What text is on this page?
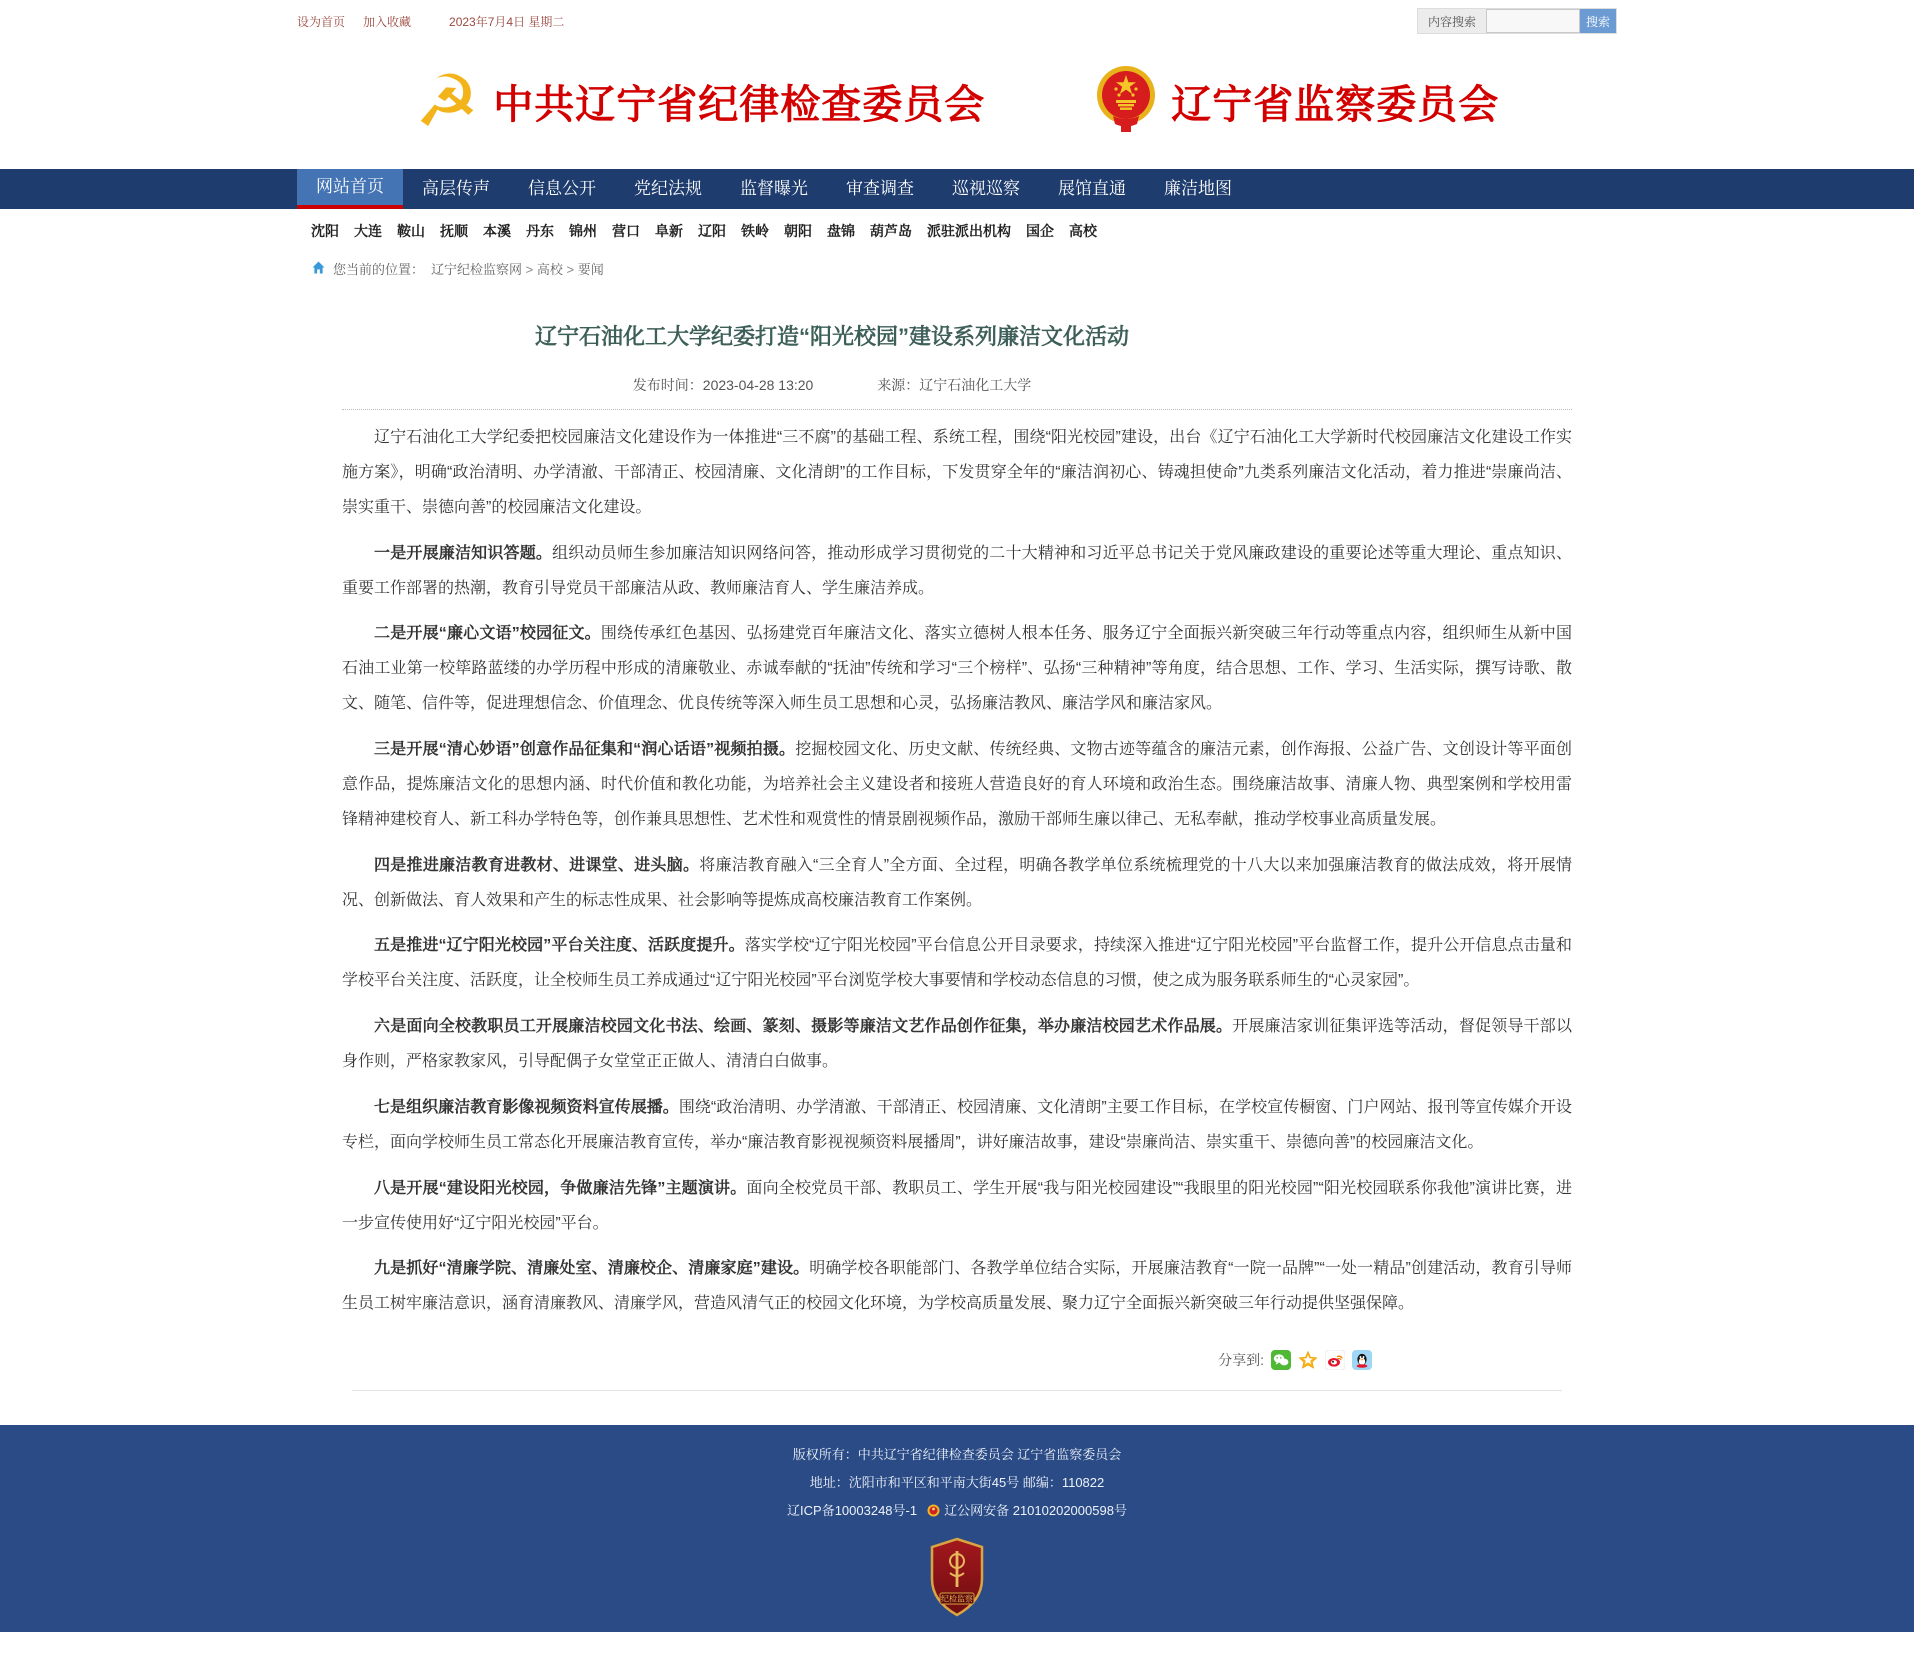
设为首页 加入收藏	2023年7月4日 星期二	内容搜索	搜索
☭ 中共辽宁省纪律检查委员会	辽宁省监察委员会
网站首页	高层传声	信息公开	党纪法规	监督曝光	审查调查	巡视巡察	展馆直通	廉洁地图
沈阳 大连 鞍山 抚顺 本溪 丹东 锦州 营口 阜新 辽阳 铁岭 朝阳 盘锦 葫芦岛 派驻派出机构 国企 高校
您当前的位置： 辽宁纪检监察网 > 高校 > 要闻
辽宁石油化工大学纪委打造“阳光校园”建设系列廉洁文化活动
发布时间：2023-04-28 13:20	来源：辽宁石油化工大学

辽宁石油化工大学纪委把校园廉洁文化建设作为一体推进“三不腐”的基础工程、系统工程，围绕“阳光校园”建设，出台《辽宁石油化工大学新时代校园廉洁文化建设工作实施方案》，明确“政治清明、办学清澈、干部清正、校园清廉、文化清朗”的工作目标，下发贯穿全年的“廉洁润初心、铸魂担使命”九类系列廉洁文化活动，着力推进“崇廉尚洁、崇实重干、崇德向善”的校园廉洁文化建设。

一是开展廉洁知识答题。组织动员师生参加廉洁知识网络问答，推动形成学习贯彻党的二十大精神和习近平总书记关于党风廉政建设的重要论述等重大理论、重点知识、重要工作部署的热潮，教育引导党员干部廉洁从政、教师廉洁育人、学生廉洁养成。

二是开展“廉心文语”校园征文。围绕传承红色基因、弘扬建党百年廉洁文化、落实立德树人根本任务、服务辽宁全面振兴新突破三年行动等重点内容，组织师生从新中国石油工业第一校筚路蓝缕的办学历程中形成的清廉敬业、赤诚奉献的“抚油”传统和学习“三个榜样”、弘扬“三种精神”等角度，结合思想、工作、学习、生活实际，撰写诗歌、散文、随笔、信件等，促进理想信念、价值理念、优良传统等深入师生员工思想和心灵，弘扬廉洁教风、廉洁学风和廉洁家风。

三是开展“清心妙语”创意作品征集和“润心话语”视频拍摄。挖掘校园文化、历史文献、传统经典、文物古迹等蕴含的廉洁元素，创作海报、公益广告、文创设计等平面创意作品，提炼廉洁文化的思想内涵、时代价值和教化功能，为培养社会主义建设者和接班人营造良好的育人环境和政治生态。围绕廉洁故事、清廉人物、典型案例和学校用雷锋精神建校育人、新工科办学特色等，创作兼具思想性、艺术性和观赏性的情景剧视频作品，激励干部师生廉以律己、无私奉献，推动学校事业高质量发展。

四是推进廉洁教育进教材、进课堂、进头脑。将廉洁教育融入“三全育人”全方面、全过程，明确各教学单位系统梳理党的十八大以来加强廉洁教育的做法成效，将开展情况、创新做法、育人效果和产生的标志性成果、社会影响等提炼成高校廉洁教育工作案例。

五是推进“辽宁阳光校园”平台关注度、活跃度提升。落实学校“辽宁阳光校园”平台信息公开目录要求，持续深入推进“辽宁阳光校园”平台监督工作，提升公开信息点击量和学校平台关注度、活跃度，让全校师生员工养成通过“辽宁阳光校园”平台浏览学校大事要情和学校动态信息的习惯，使之成为服务联系师生的“心灵家园”。

六是面向全校教职员工开展廉洁校园文化书法、绘画、篆刻、摄影等廉洁文艺作品创作征集，举办廉洁校园艺术作品展。开展廉洁家训征集评选等活动，督促领导干部以身作则，严格家教家风，引导配偶子女堂堂正正做人、清清白白做事。

七是组织廉洁教育影像视频资料宣传展播。围绕“政治清明、办学清澈、干部清正、校园清廉、文化清朗”主要工作目标，在学校宣传橱窗、门户网站、报刊等宣传媒介开设专栏，面向学校师生员工常态化开展廉洁教育宣传，举办“廉洁教育影视视频资料展播周”，讲好廉洁故事，建设“崇廉尚洁、崇实重干、崇德向善”的校园廉洁文化。

八是开展“建设阳光校园，争做廉洁先锋”主题演讲。面向全校党员干部、教职员工、学生开展“我与阳光校园建设”“我眼里的阳光校园”“阳光校园联系你我他”演讲比赛，进一步宣传使用好“辽宁阳光校园”平台。

九是抓好“清廉学院、清廉处室、清廉校企、清廉家庭”建设。明确学校各职能部门、各教学单位结合实际，开展廉洁教育“一院一品牌”“一处一精品”创建活动，教育引导师生员工树牢廉洁意识，涵育清廉教风、清廉学风，营造风清气正的校园文化环境，为学校高质量发展、聚力辽宁全面振兴新突破三年行动提供坚强保障。

分享到:
版权所有：中共辽宁省纪律检查委员会 辽宁省监察委员会
地址：沈阳市和平区和平南大街45号 邮编：110822
辽ICP备10003248号-1 辽公网安备 21010202000598号
纪检监察
